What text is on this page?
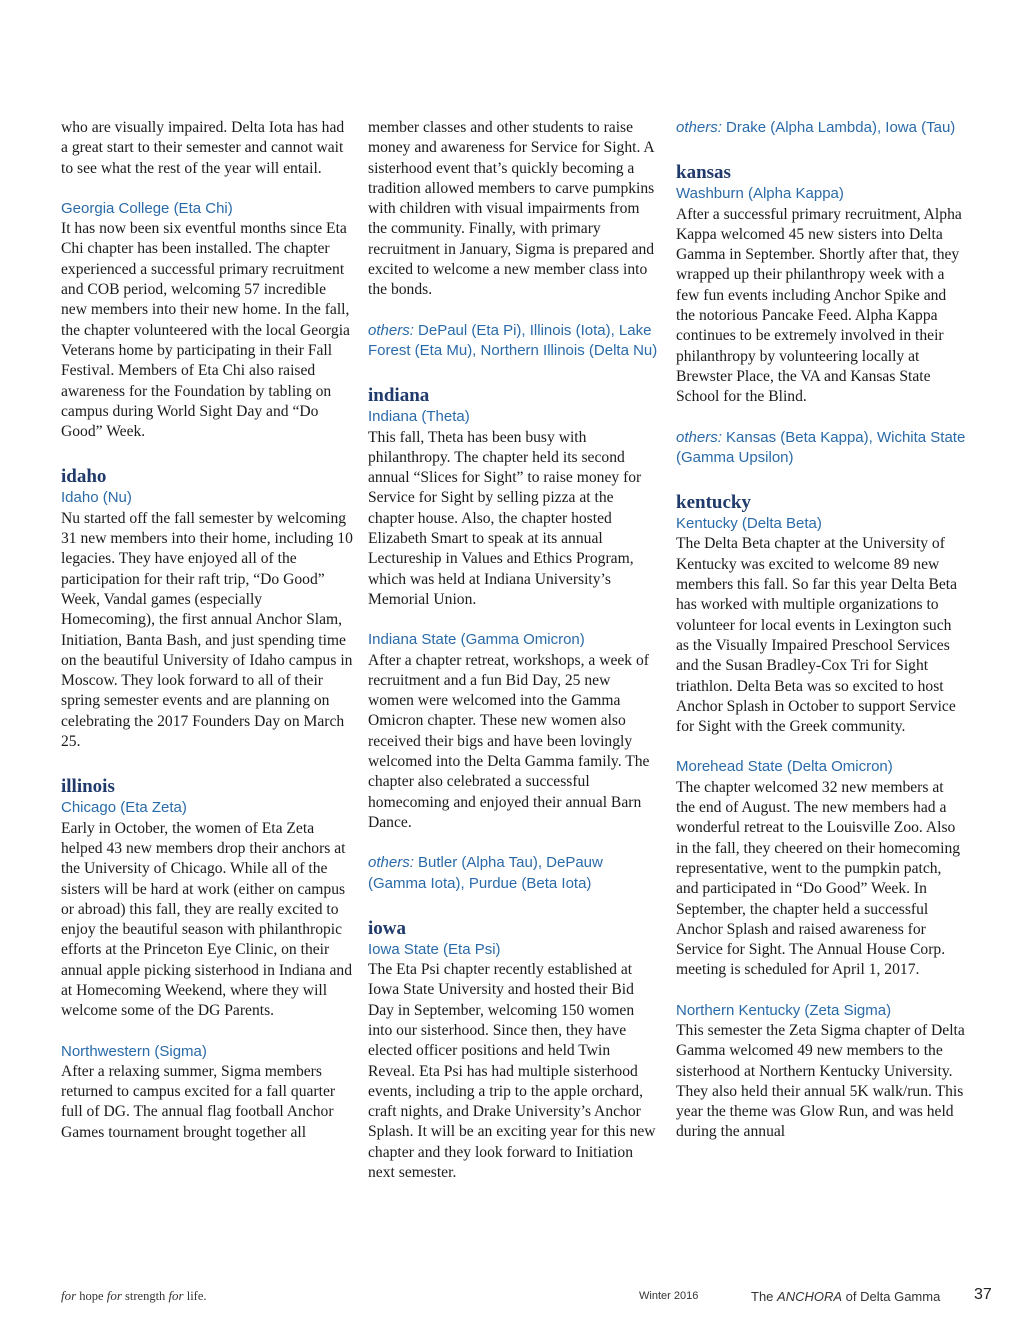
who are visually impaired. Delta Iota has had a great start to their semester and cannot wait to see what the rest of the year will entail.

Georgia College (Eta Chi)

It has now been six eventful months since Eta Chi chapter has been installed. The chapter experienced a successful primary recruitment and COB period, welcoming 57 incredible new members into their new home. In the fall, the chapter volunteered with the local Georgia Veterans home by participating in their Fall Festival. Members of Eta Chi also raised awareness for the Foundation by tabling on campus during World Sight Day and “Do Good” Week.

idaho

Idaho (Nu)

Nu started off the fall semester by welcoming 31 new members into their home, including 10 legacies. They have enjoyed all of the participation for their raft trip, “Do Good” Week, Vandal games (especially Homecoming), the first annual Anchor Slam, Initiation, Banta Bash, and just spending time on the beautiful University of Idaho campus in Moscow. They look forward to all of their spring semester events and are planning on celebrating the 2017 Founders Day on March 25.

illinois

Chicago (Eta Zeta)

Early in October, the women of Eta Zeta helped 43 new members drop their anchors at the University of Chicago. While all of the sisters will be hard at work (either on campus or abroad) this fall, they are really excited to enjoy the beautiful season with philanthropic efforts at the Princeton Eye Clinic, on their annual apple picking sisterhood in Indiana and at Homecoming Weekend, where they will welcome some of the DG Parents.

Northwestern (Sigma)

After a relaxing summer, Sigma members returned to campus excited for a fall quarter full of DG. The annual flag football Anchor Games tournament brought together all

member classes and other students to raise money and awareness for Service for Sight. A sisterhood event that’s quickly becoming a tradition allowed members to carve pumpkins with children with visual impairments from the community. Finally, with primary recruitment in January, Sigma is prepared and excited to welcome a new member class into the bonds.

others: DePaul (Eta Pi), Illinois (Iota), Lake Forest (Eta Mu), Northern Illinois (Delta Nu)

indiana

Indiana (Theta)

This fall, Theta has been busy with philanthropy. The chapter held its second annual “Slices for Sight” to raise money for Service for Sight by selling pizza at the chapter house. Also, the chapter hosted Elizabeth Smart to speak at its annual Lectureship in Values and Ethics Program, which was held at Indiana University’s Memorial Union.

Indiana State (Gamma Omicron)

After a chapter retreat, workshops, a week of recruitment and a fun Bid Day, 25 new women were welcomed into the Gamma Omicron chapter. These new women also received their bigs and have been lovingly welcomed into the Delta Gamma family. The chapter also celebrated a successful homecoming and enjoyed their annual Barn Dance.

others: Butler (Alpha Tau), DePauw (Gamma Iota), Purdue (Beta Iota)

iowa

Iowa State (Eta Psi)

The Eta Psi chapter recently established at Iowa State University and hosted their Bid Day in September, welcoming 150 women into our sisterhood. Since then, they have elected officer positions and held Twin Reveal. Eta Psi has had multiple sisterhood events, including a trip to the apple orchard, craft nights, and Drake University’s Anchor Splash. It will be an exciting year for this new chapter and they look forward to Initiation next semester.

others: Drake (Alpha Lambda), Iowa (Tau)

kansas

Washburn (Alpha Kappa)

After a successful primary recruitment, Alpha Kappa welcomed 45 new sisters into Delta Gamma in September. Shortly after that, they wrapped up their philanthropy week with a few fun events including Anchor Spike and the notorious Pancake Feed. Alpha Kappa continues to be extremely involved in their philanthropy by volunteering locally at Brewster Place, the VA and Kansas State School for the Blind.

others: Kansas (Beta Kappa), Wichita State (Gamma Upsilon)

kentucky

Kentucky (Delta Beta)

The Delta Beta chapter at the University of Kentucky was excited to welcome 89 new members this fall. So far this year Delta Beta has worked with multiple organizations to volunteer for local events in Lexington such as the Visually Impaired Preschool Services and the Susan Bradley-Cox Tri for Sight triathlon. Delta Beta was so excited to host Anchor Splash in October to support Service for Sight with the Greek community.

Morehead State (Delta Omicron)

The chapter welcomed 32 new members at the end of August. The new members had a wonderful retreat to the Louisville Zoo. Also in the fall, they cheered on their homecoming representative, went to the pumpkin patch, and participated in “Do Good” Week. In September, the chapter held a successful Anchor Splash and raised awareness for Service for Sight. The Annual House Corp. meeting is scheduled for April 1, 2017.

Northern Kentucky (Zeta Sigma)

This semester the Zeta Sigma chapter of Delta Gamma welcomed 49 new members to the sisterhood at Northern Kentucky University. They also held their annual 5K walk/run. This year the theme was Glow Run, and was held during the annual

for hope for strength for life.	Winter 2016	The ANCHORA of Delta Gamma 37
